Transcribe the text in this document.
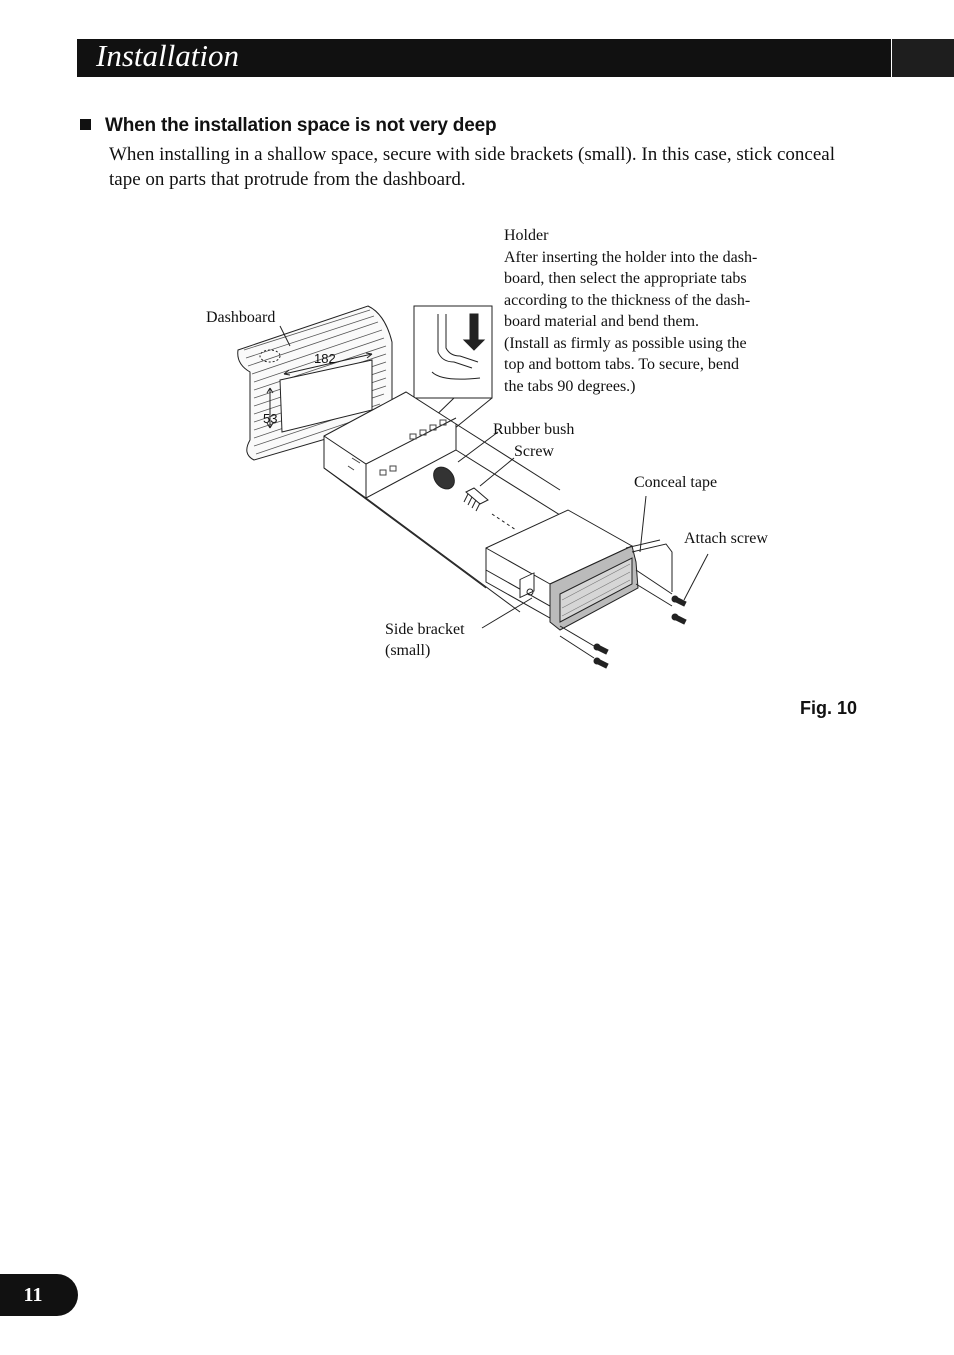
Installation
When the installation space is not very deep
When installing in a shallow space, secure with side brackets (small). In this case, stick conceal tape on parts that protrude from the dashboard.
182
53
Holder
After inserting the holder into the dash-
board, then select the appropriate tabs
according to the thickness of the dash-
board material and bend them.
(Install as firmly as possible using the
top and bottom tabs. To secure, bend
the tabs 90 degrees.)
Dashboard
Rubber bush
Screw
Conceal tape
Attach screw
Side bracket
(small)
Fig. 10
11
